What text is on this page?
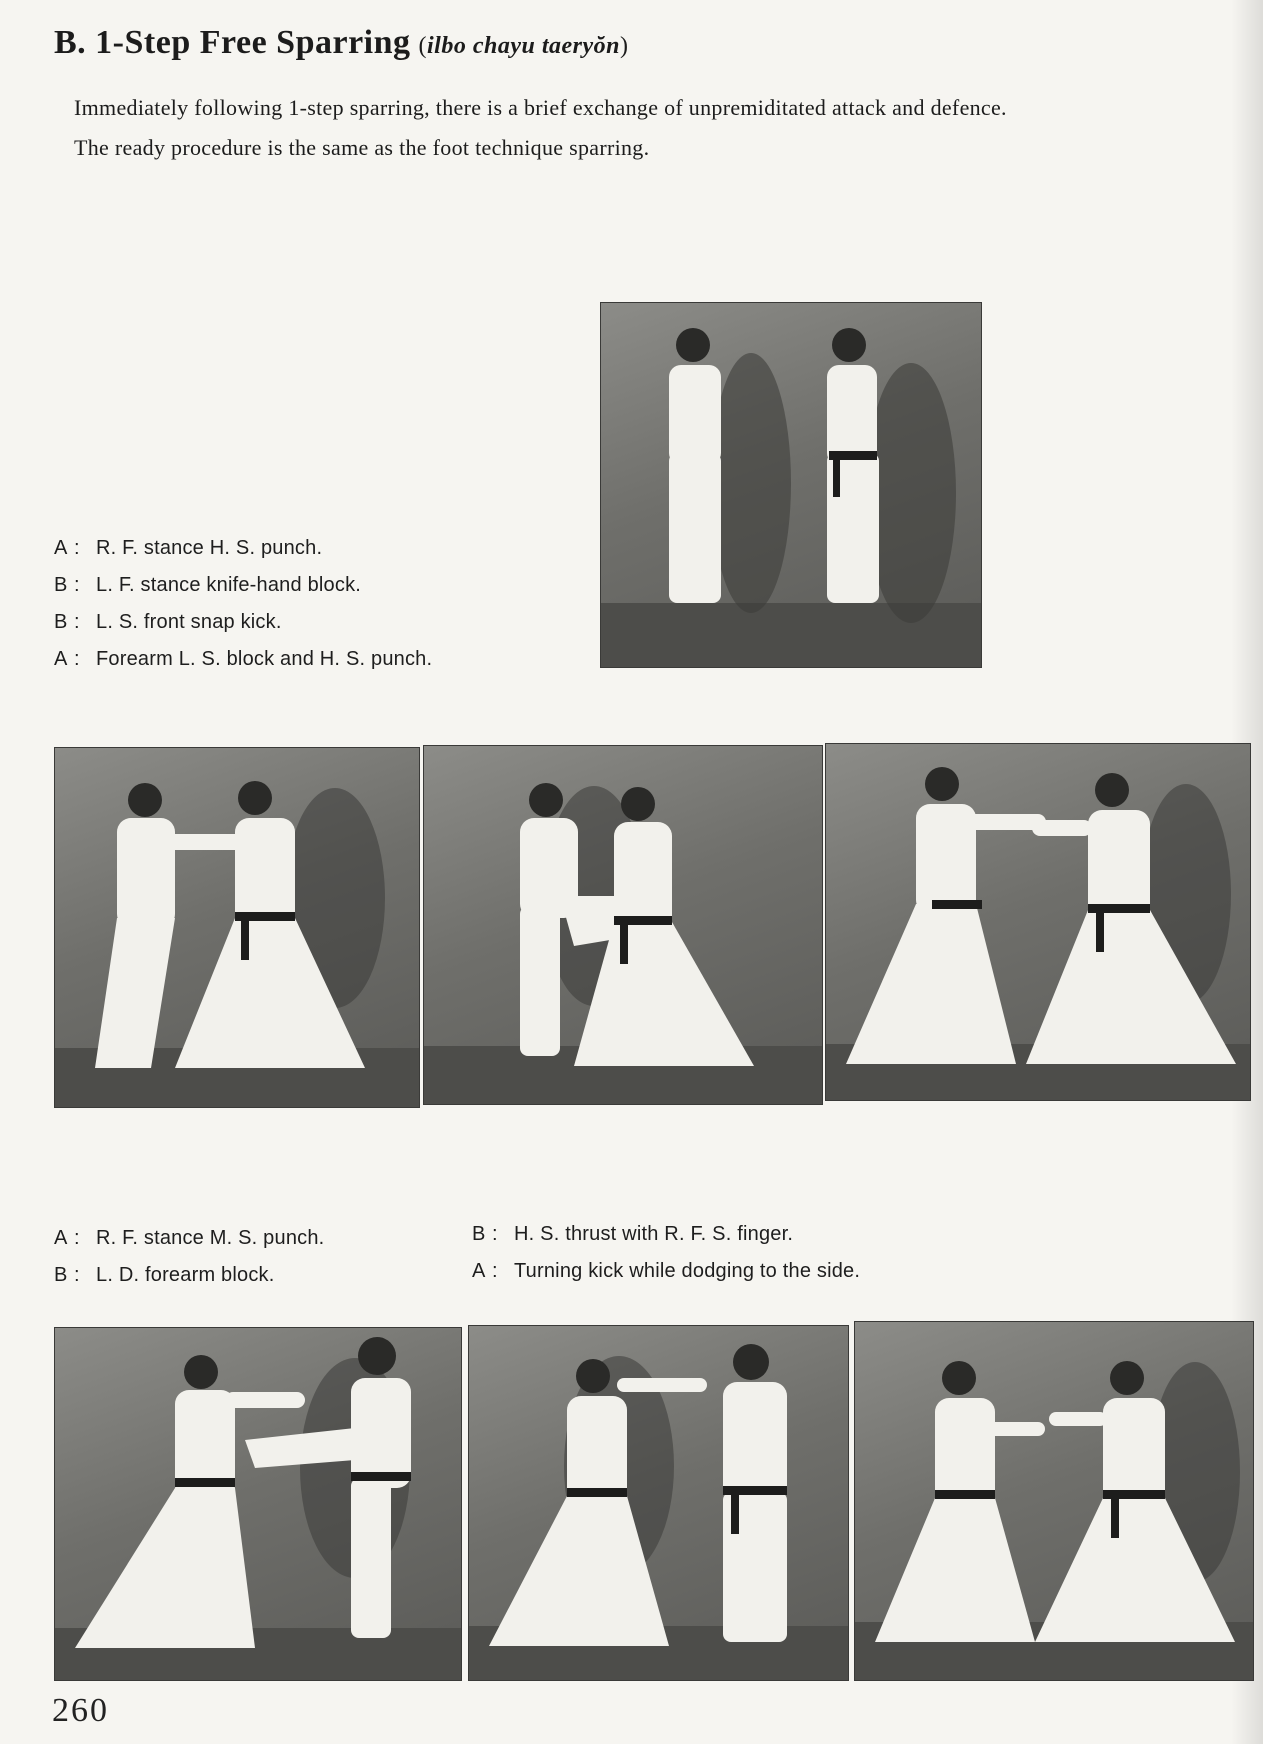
B. 1-Step Free Sparring (ilbo chayu taeryŏn)

Immediately following 1-step sparring, there is a brief exchange of unpremiditated attack and defence.

The ready procedure is the same as the foot technique sparring.

A : R. F. stance H. S. punch.
B : L. F. stance knife-hand block.
B : L. S. front snap kick.
A : Forearm L. S. block and H. S. punch.
A : R. F. stance M. S. punch.
B : L. D. forearm block.
B : H. S. thrust with R. F. S. finger.
A : Turning kick while dodging to the side.
260
